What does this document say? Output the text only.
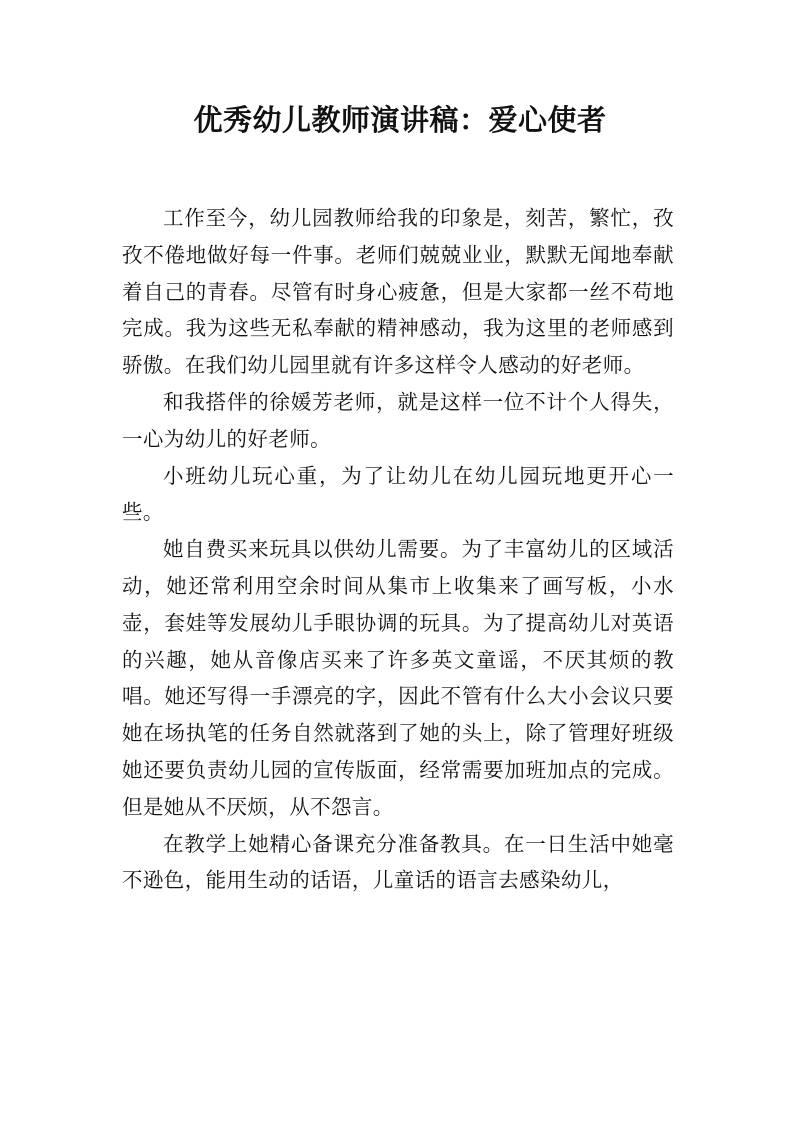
优秀幼儿教师演讲稿：爱心使者

工作至今，幼儿园教师给我的印象是，刻苦，繁忙，孜孜不倦地做好每一件事。老师们兢兢业业，默默无闻地奉献着自己的青春。尽管有时身心疲惫，但是大家都一丝不苟地完成。我为这些无私奉献的精神感动，我为这里的老师感到骄傲。在我们幼儿园里就有许多这样令人感动的好老师。

和我搭伴的徐媛芳老师，就是这样一位不计个人得失，一心为幼儿的好老师。

小班幼儿玩心重，为了让幼儿在幼儿园玩地更开心一些。

她自费买来玩具以供幼儿需要。为了丰富幼儿的区域活动，她还常利用空余时间从集市上收集来了画写板，小水壶，套娃等发展幼儿手眼协调的玩具。为了提高幼儿对英语的兴趣，她从音像店买来了许多英文童谣，不厌其烦的教唱。她还写得一手漂亮的字，因此不管有什么大小会议只要她在场执笔的任务自然就落到了她的头上，除了管理好班级她还要负责幼儿园的宣传版面，经常需要加班加点的完成。但是她从不厌烦，从不怨言。

在教学上她精心备课充分准备教具。在一日生活中她毫不逊色，能用生动的话语，儿童话的语言去感染幼儿，
